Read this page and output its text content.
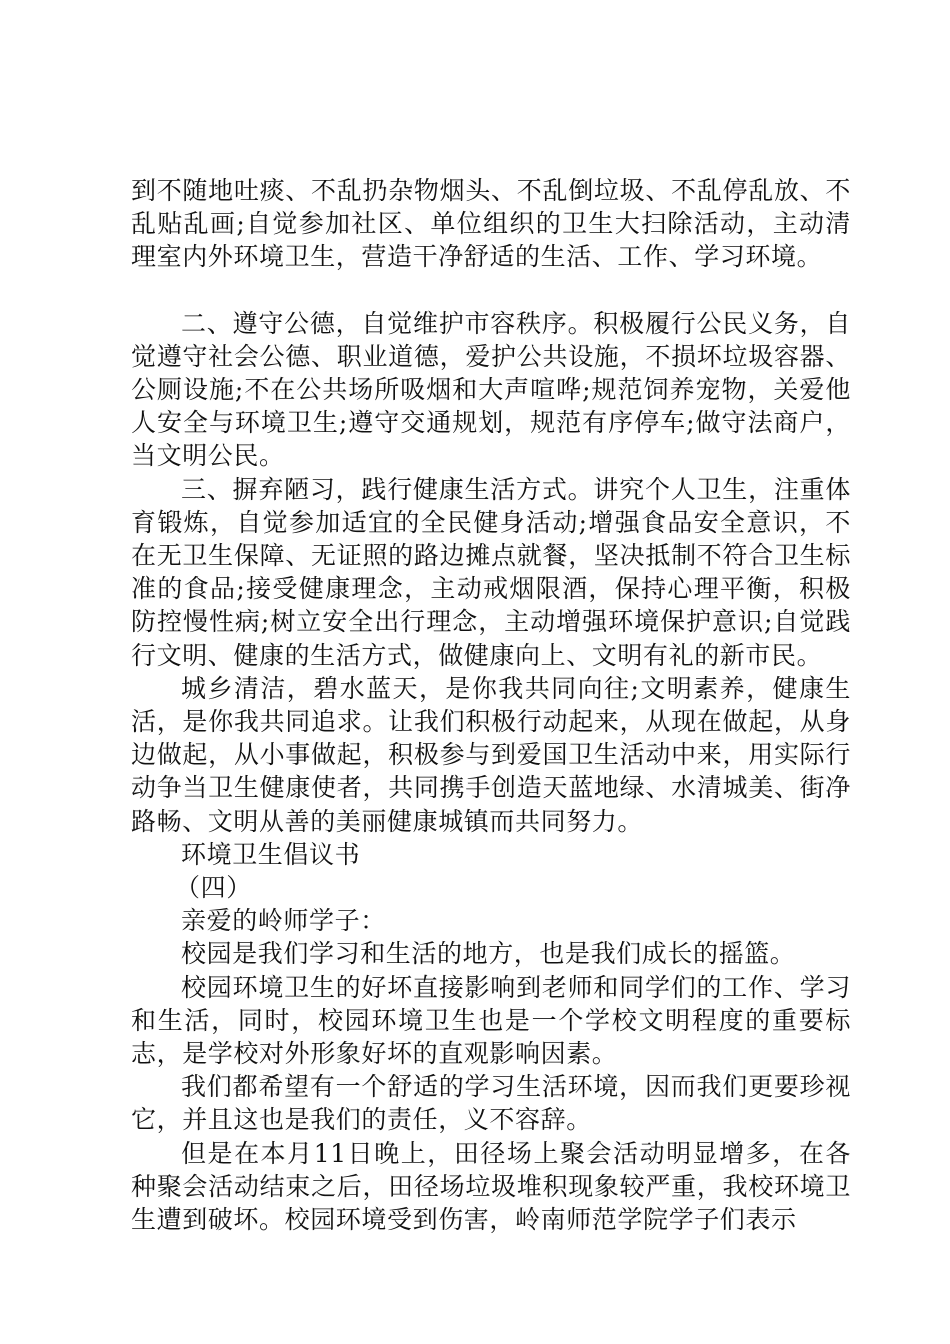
到不随地吐痰、不乱扔杂物烟头、不乱倒垃圾、不乱停乱放、不乱贴乱画;自觉参加社区、单位组织的卫生大扫除活动，主动清理室内外环境卫生，营造干净舒适的生活、工作、学习环境。

二、遵守公德，自觉维护市容秩序。积极履行公民义务，自觉遵守社会公德、职业道德，爱护公共设施，不损坏垃圾容器、公厕设施;不在公共场所吸烟和大声喧哗;规范饲养宠物，关爱他人安全与环境卫生;遵守交通规划，规范有序停车;做守法商户，当文明公民。

三、摒弃陋习，践行健康生活方式。讲究个人卫生，注重体育锻炼，自觉参加适宜的全民健身活动;增强食品安全意识，不在无卫生保障、无证照的路边摊点就餐，坚决抵制不符合卫生标准的食品;接受健康理念，主动戒烟限酒，保持心理平衡，积极防控慢性病;树立安全出行理念，主动增强环境保护意识;自觉践行文明、健康的生活方式，做健康向上、文明有礼的新市民。

城乡清洁，碧水蓝天，是你我共同向往;文明素养，健康生活，是你我共同追求。让我们积极行动起来，从现在做起，从身边做起，从小事做起，积极参与到爱国卫生活动中来，用实际行动争当卫生健康使者，共同携手创造天蓝地绿、水清城美、街净路畅、文明从善的美丽健康城镇而共同努力。

环境卫生倡议书

（四）

亲爱的岭师学子：

校园是我们学习和生活的地方，也是我们成长的摇篮。

校园环境卫生的好坏直接影响到老师和同学们的工作、学习和生活，同时，校园环境卫生也是一个学校文明程度的重要标志，是学校对外形象好坏的直观影响因素。

我们都希望有一个舒适的学习生活环境，因而我们更要珍视它，并且这也是我们的责任，义不容辞。

但是在本月11日晚上，田径场上聚会活动明显增多，在各种聚会活动结束之后，田径场垃圾堆积现象较严重，我校环境卫生遭到破坏。校园环境受到伤害，岭南师范学院学子们表示
